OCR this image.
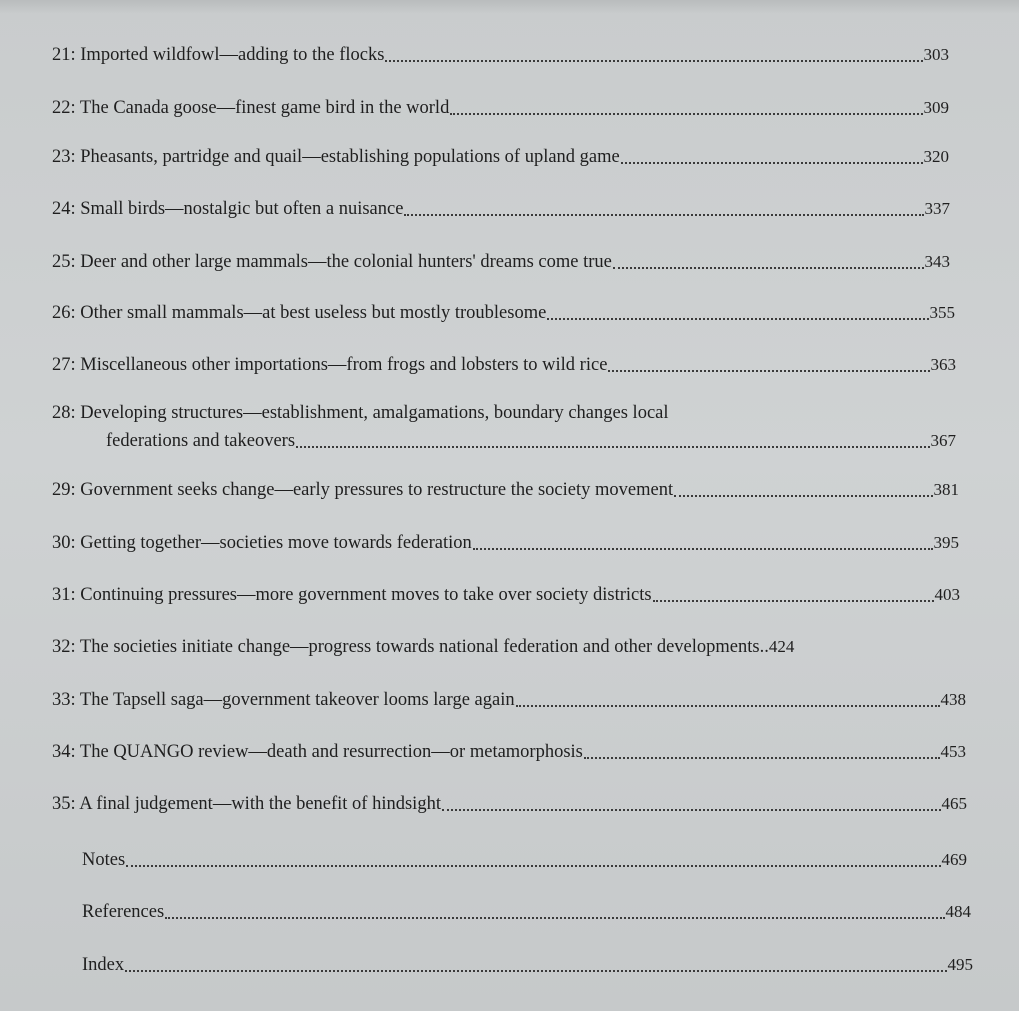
21: Imported wildfowl—adding to the flocks	303
22: The Canada goose—finest game bird in the world	309
23: Pheasants, partridge and quail—establishing populations of upland game	320
24: Small birds—nostalgic but often a nuisance	337
25: Deer and other large mammals—the colonial hunters' dreams come true	343
26: Other small mammals—at best useless but mostly troublesome	355
27: Miscellaneous other importations—from frogs and lobsters to wild rice	363
28: Developing structures—establishment, amalgamations, boundary changes local
federations and takeovers	367
29: Government seeks change—early pressures to restructure the society movement	381
30: Getting together—societies move towards federation	395
31: Continuing pressures—more government moves to take over society districts	403
32: The societies initiate change—progress towards national federation and other developments.. 424
33: The Tapsell saga—government takeover looms large again	438
34: The QUANGO review—death and resurrection—or metamorphosis	453
35: A final judgement—with the benefit of hindsight	465
Notes	469
References	484
Index	495
